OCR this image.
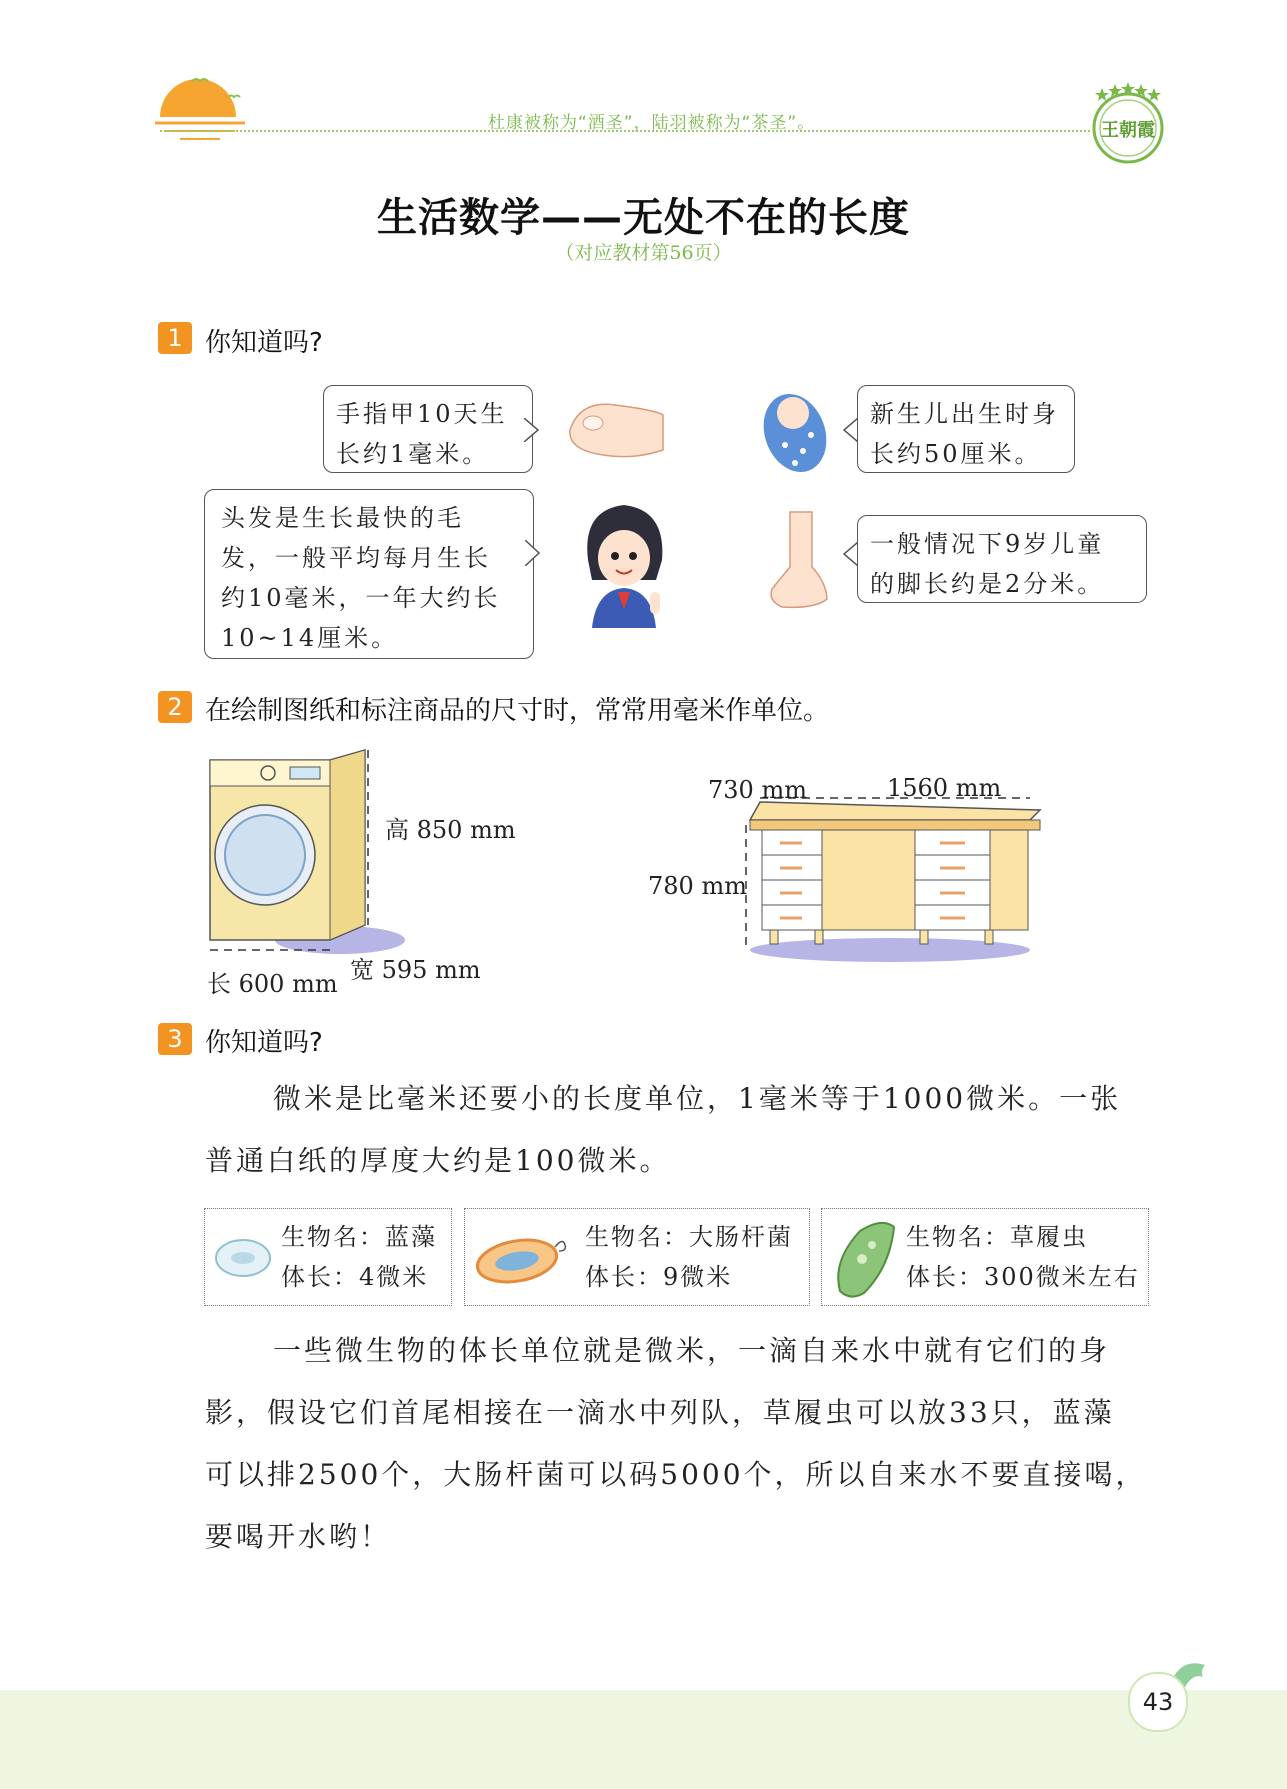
杜康被称为“酒圣”，陆羽被称为“茶圣”。	王朝霞
生活数学——无处不在的长度
（对应教材第56页）
1 你知道吗?
手指甲10天生
长约1毫米。
新生儿出生时身
长约50厘米。
头发是生长最快的毛
发，一般平均每月生长
约10毫米，一年大约长
10~14厘米。
一般情况下9岁儿童
的脚长约是2分米。
2 在绘制图纸和标注商品的尺寸时，常常用毫米作单位。
高 850 mm
长 600 mm 宽 595 mm
730 mm	1560 mm
780 mm
3 你知道吗?
微米是比毫米还要小的长度单位，1毫米等于1000微米。一张
普通白纸的厚度大约是100微米。
生物名：蓝藻
体长：4微米
生物名：大肠杆菌
体长：9微米
生物名：草履虫
体长：300微米左右
一些微生物的体长单位就是微米，一滴自来水中就有它们的身
影，假设它们首尾相接在一滴水中列队，草履虫可以放33只，蓝藻
可以排2500个，大肠杆菌可以码5000个，所以自来水不要直接喝，
要喝开水哟！
43
